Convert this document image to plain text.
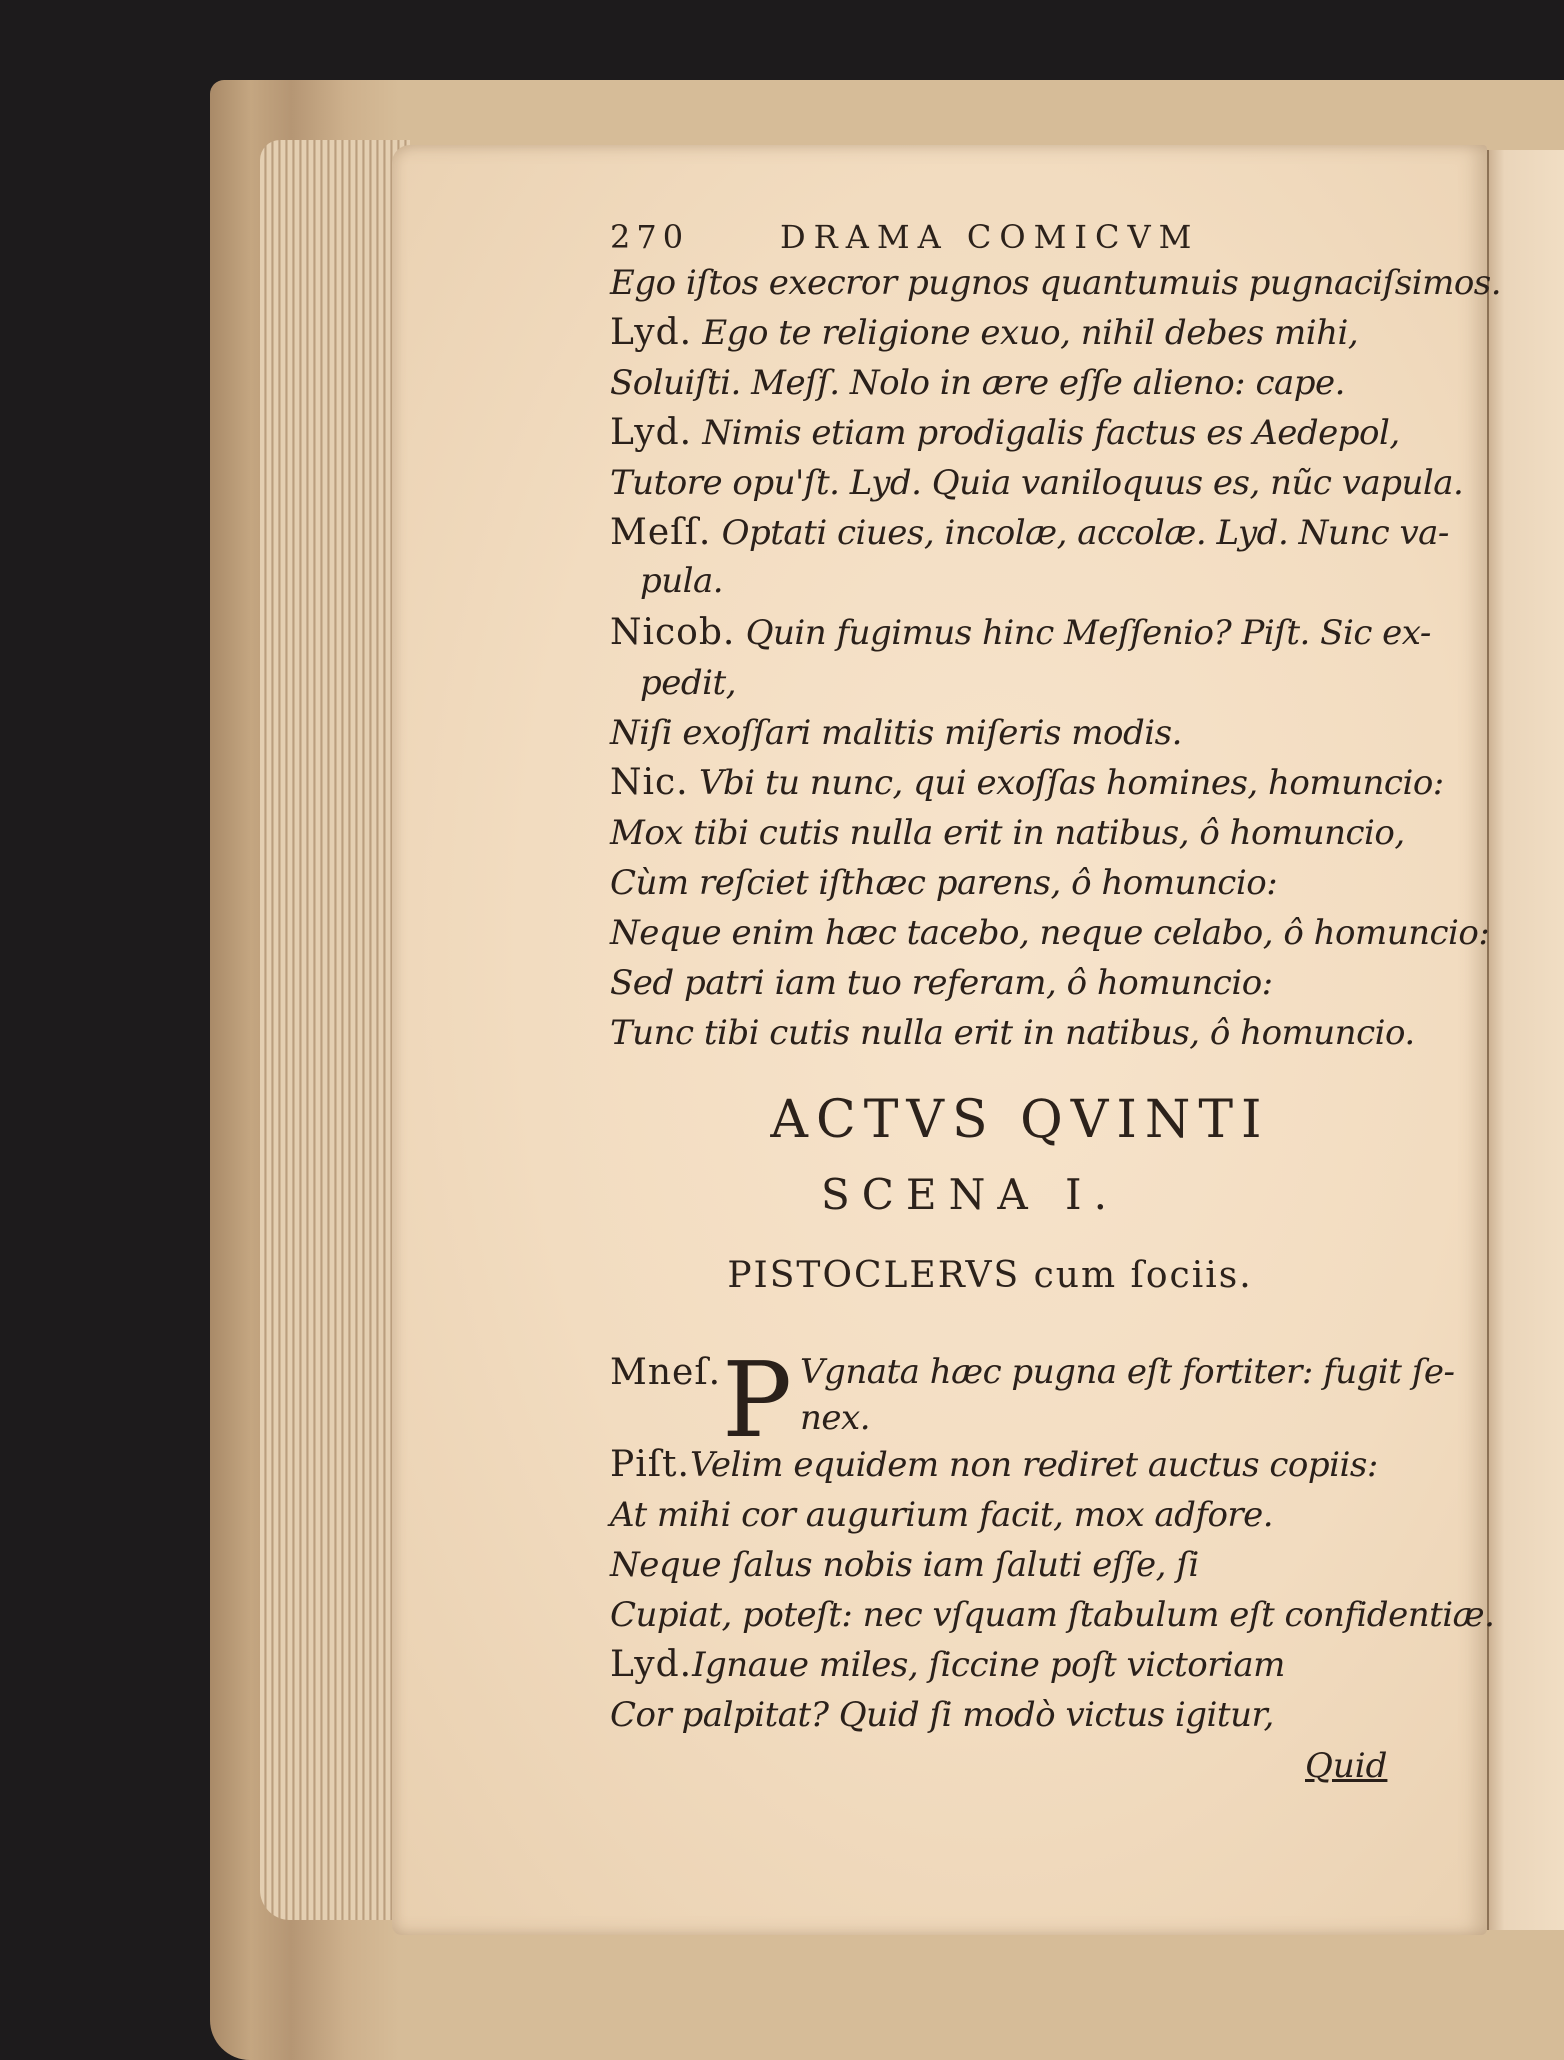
270	DRAMA COMICVM
Ego iſtos execror pugnos quantumuis pugnaciſsimos.
Lyd. Ego te religione exuo, nihil debes mihi,
Soluiſti. Meſſ. Nolo in ære eſſe alieno: cape.
Lyd. Nimis etiam prodigalis factus es Aedepol,
Tutore opu'ſt. Lyd. Quia vaniloquus es, nũc vapula.
Meſſ. Optati ciues, incolæ, accolæ. Lyd. Nunc va-
pula.
Nicob. Quin fugimus hinc Meſſenio? Piſt. Sic ex-
pedit,
Niſi exoſſari malitis miſeris modis.
Nic. Vbi tu nunc, qui exoſſas homines, homuncio:
Mox tibi cutis nulla erit in natibus, ô homuncio,
Cùm reſciet iſthæc parens, ô homuncio:
Neque enim hæc tacebo, neque celabo, ô homuncio:
Sed patri iam tuo referam, ô homuncio:
Tunc tibi cutis nulla erit in natibus, ô homuncio.
ACTVS QVINTI
SCENA I.
PISTOCLERVS cum ſociis.
Mneſ. P Vgnata hæc pugna eſt fortiter: fugit ſe-
nex.
Piſt.Velim equidem non rediret auctus copiis:
At mihi cor augurium facit, mox adfore.
Neque ſalus nobis iam ſaluti eſſe, ſi
Cupiat, poteſt: nec vſquam ſtabulum eſt confidentiæ.
Lyd.Ignaue miles, ſiccine poſt victoriam
Cor palpitat? Quid ſi modò victus igitur,
Quid
